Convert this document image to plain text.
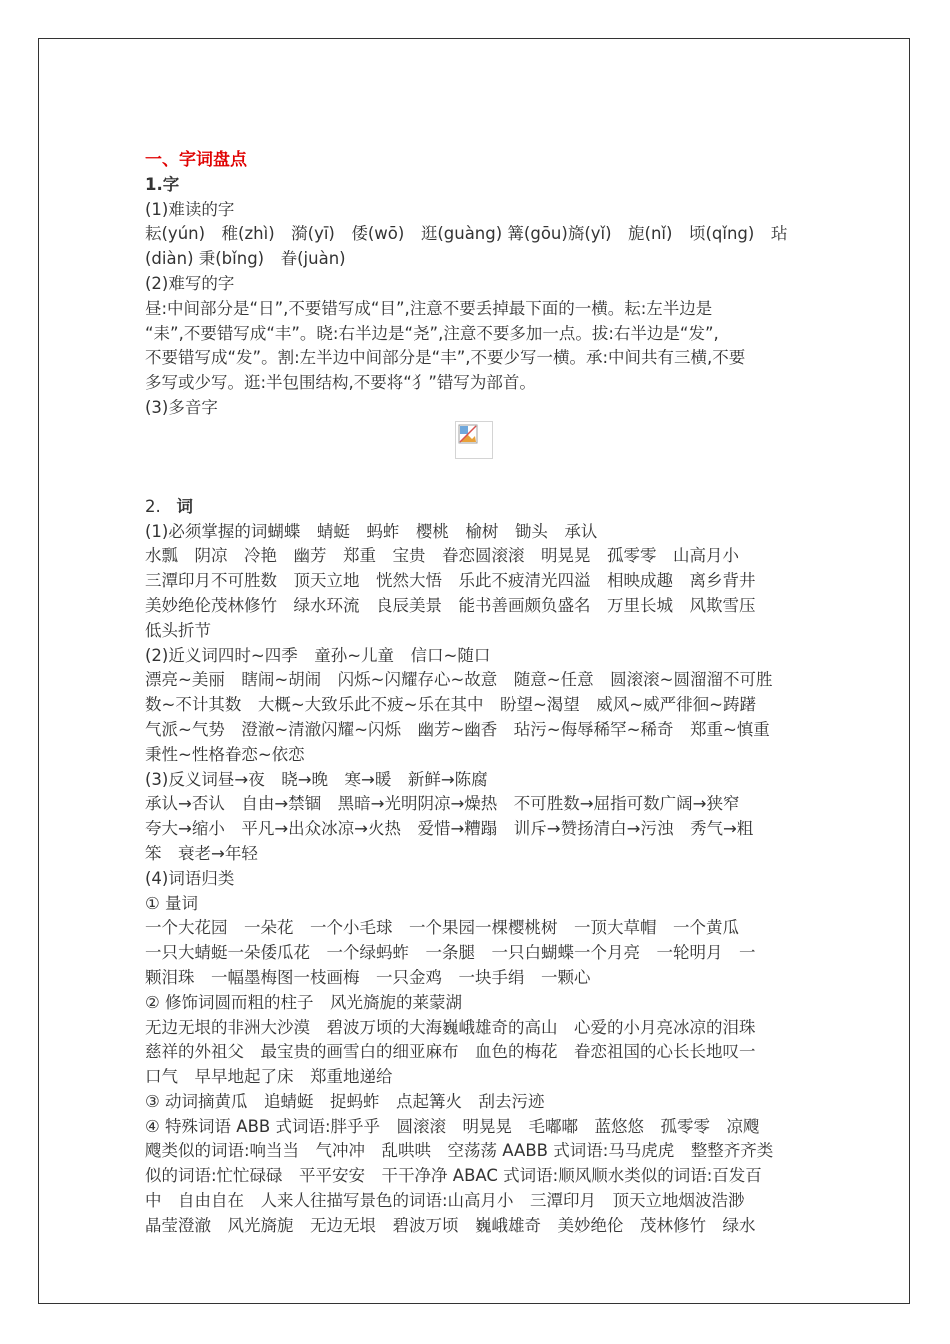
一、字词盘点
1.字
(1)难读的字
耘(yún)　稚(zhì)　漪(yī)　倭(wō)　逛(guàng) 篝(gōu)旖(yǐ)　旎(nǐ)　顷(qǐng)　玷
(diàn) 秉(bǐng)　眷(juàn)
(2)难写的字
昼:中间部分是“日”,不要错写成“目”,注意不要丢掉最下面的一横。耘:左半边是
“耒”,不要错写成“丰”。晓:右半边是“尧”,注意不要多加一点。拔:右半边是“发”,
不要错写成“发”。割:左半边中间部分是“丰”,不要少写一横。承:中间共有三横,不要
多写或少写。逛:半包围结构,不要将“犭”错写为部首。
(3)多音字
2. 词
(1)必须掌握的词蝴蝶　蜻蜓　蚂蚱　樱桃　榆树　锄头　承认
水瓢　阴凉　冷艳　幽芳　郑重　宝贵　眷恋圆滚滚　明晃晃　孤零零　山高月小
三潭印月不可胜数　顶天立地　恍然大悟　乐此不疲清光四溢　相映成趣　离乡背井
美妙绝伦茂林修竹　绿水环流　良辰美景　能书善画颇负盛名　万里长城　风欺雪压
低头折节
(2)近义词四时~四季　童孙~儿童　信口~随口
漂亮~美丽　瞎闹~胡闹　闪烁~闪耀存心~故意　随意~任意　圆滚滚~圆溜溜不可胜
数~不计其数　大概~大致乐此不疲~乐在其中　盼望~渴望　威风~威严徘徊~踌躇
气派~气势　澄澈~清澈闪耀~闪烁　幽芳~幽香　玷污~侮辱稀罕~稀奇　郑重~慎重
秉性~性格眷恋~依恋
(3)反义词昼→夜　晓→晚　寒→暖　新鲜→陈腐
承认→否认　自由→禁锢　黑暗→光明阴凉→燥热　不可胜数→屈指可数广阔→狭窄
夸大→缩小　平凡→出众冰凉→火热　爱惜→糟蹋　训斥→赞扬清白→污浊　秀气→粗
笨　衰老→年轻
(4)词语归类
① 量词
一个大花园　一朵花　一个小毛球　一个果园一棵樱桃树　一顶大草帽　一个黄瓜
一只大蜻蜓一朵倭瓜花　一个绿蚂蚱　一条腿　一只白蝴蝶一个月亮　一轮明月　一
颗泪珠　一幅墨梅图一枝画梅　一只金鸡　一块手绢　一颗心
② 修饰词圆而粗的柱子　风光旖旎的莱蒙湖
无边无垠的非洲大沙漠　碧波万顷的大海巍峨雄奇的高山　心爱的小月亮冰凉的泪珠
慈祥的外祖父　最宝贵的画雪白的细亚麻布　血色的梅花　眷恋祖国的心长长地叹一
口气　早早地起了床　郑重地递给
③ 动词摘黄瓜　追蜻蜓　捉蚂蚱　点起篝火　刮去污迹
④ 特殊词语 ABB 式词语:胖乎乎　圆滚滚　明晃晃　毛嘟嘟　蓝悠悠　孤零零　凉飕
飕类似的词语:响当当　气冲冲　乱哄哄　空荡荡 AABB 式词语:马马虎虎　整整齐齐类
似的词语:忙忙碌碌　平平安安　干干净净 ABAC 式词语:顺风顺水类似的词语:百发百
中　自由自在　人来人往描写景色的词语:山高月小　三潭印月　顶天立地烟波浩渺
晶莹澄澈　风光旖旎　无边无垠　碧波万顷　巍峨雄奇　美妙绝伦　茂林修竹　绿水
